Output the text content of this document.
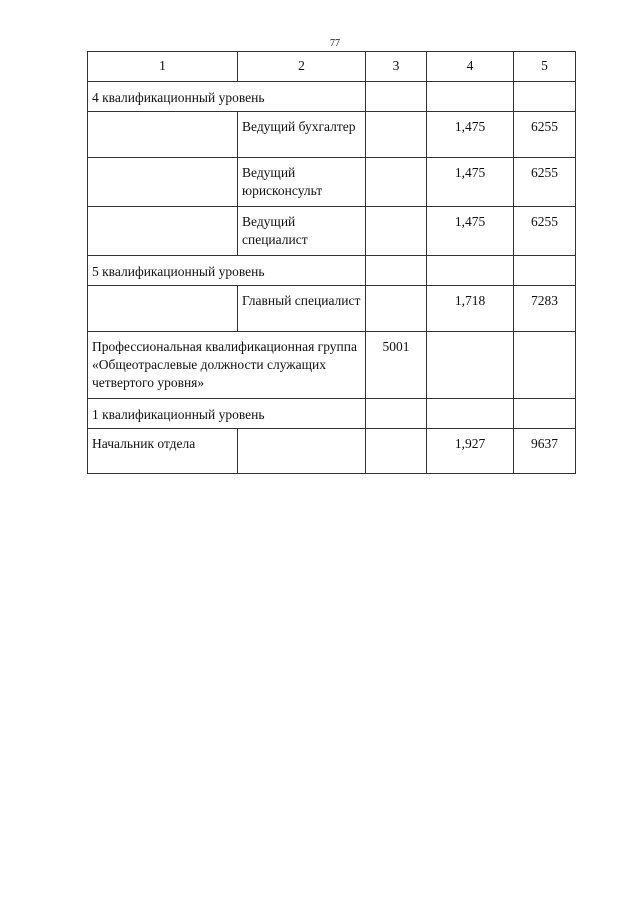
77
1	2	3	4	5
4 квалификационный уровень				
	Ведущий бухгалтер		1,475	6255
	Ведущий юрисконсульт		1,475	6255
	Ведущий специалист		1,475	6255
5 квалификационный уровень				
	Главный специалист		1,718	7283
Профессиональная квалификационная группа «Общеотраслевые должности служащих четвертого уровня»		5001		
1 квалификационный уровень				
Начальник отдела			1,927	9637
